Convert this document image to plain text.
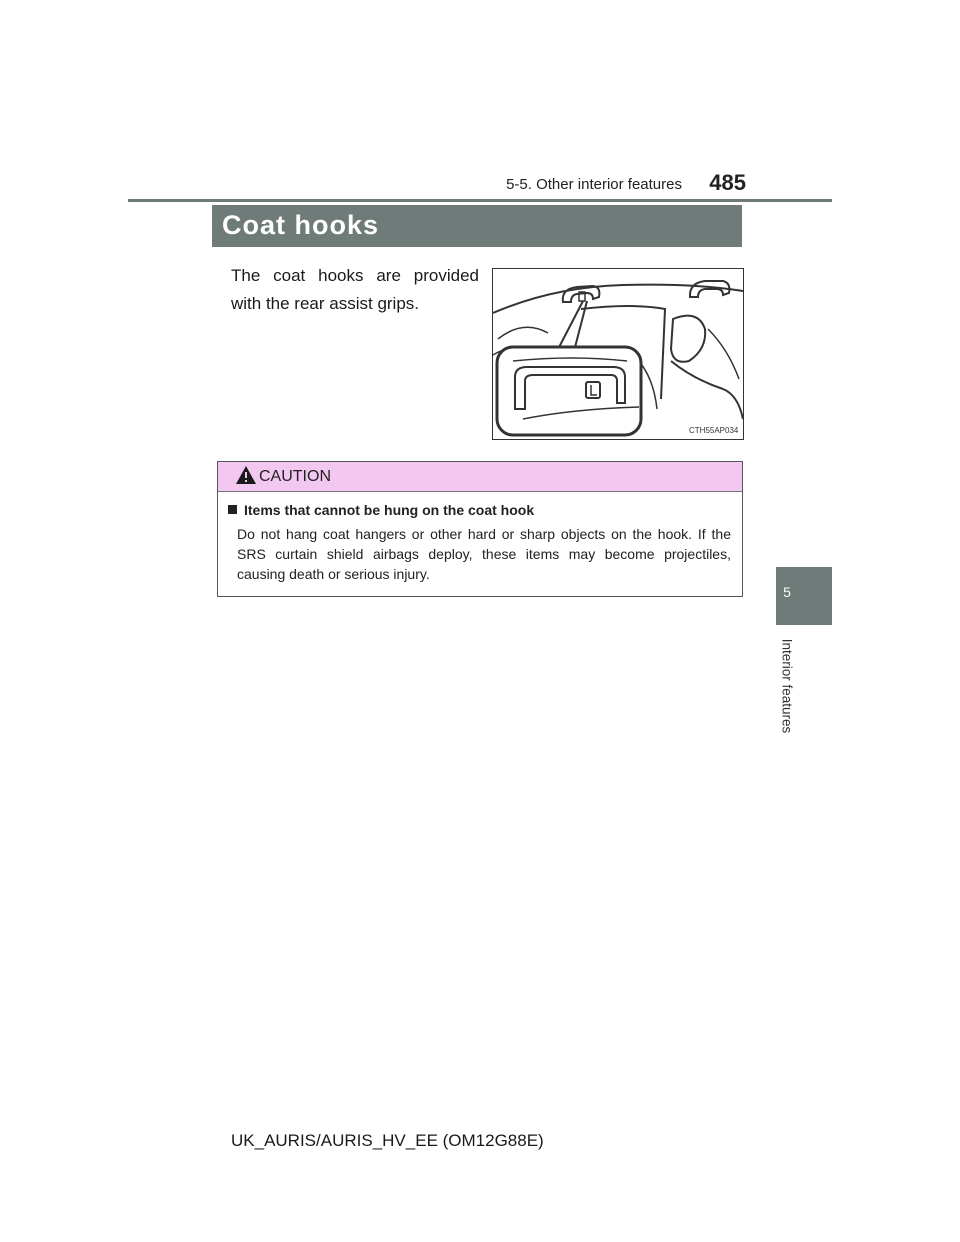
5-5. Other interior features	485
5
Interior features
Coat hooks
The coat hooks are provided with the rear assist grips.
CTH55AP034
CAUTION
Items that cannot be hung on the coat hook
Do not hang coat hangers or other hard or sharp objects on the hook. If the SRS curtain shield airbags deploy, these items may become projectiles, causing death or serious injury.
UK_AURIS/AURIS_HV_EE (OM12G88E)
